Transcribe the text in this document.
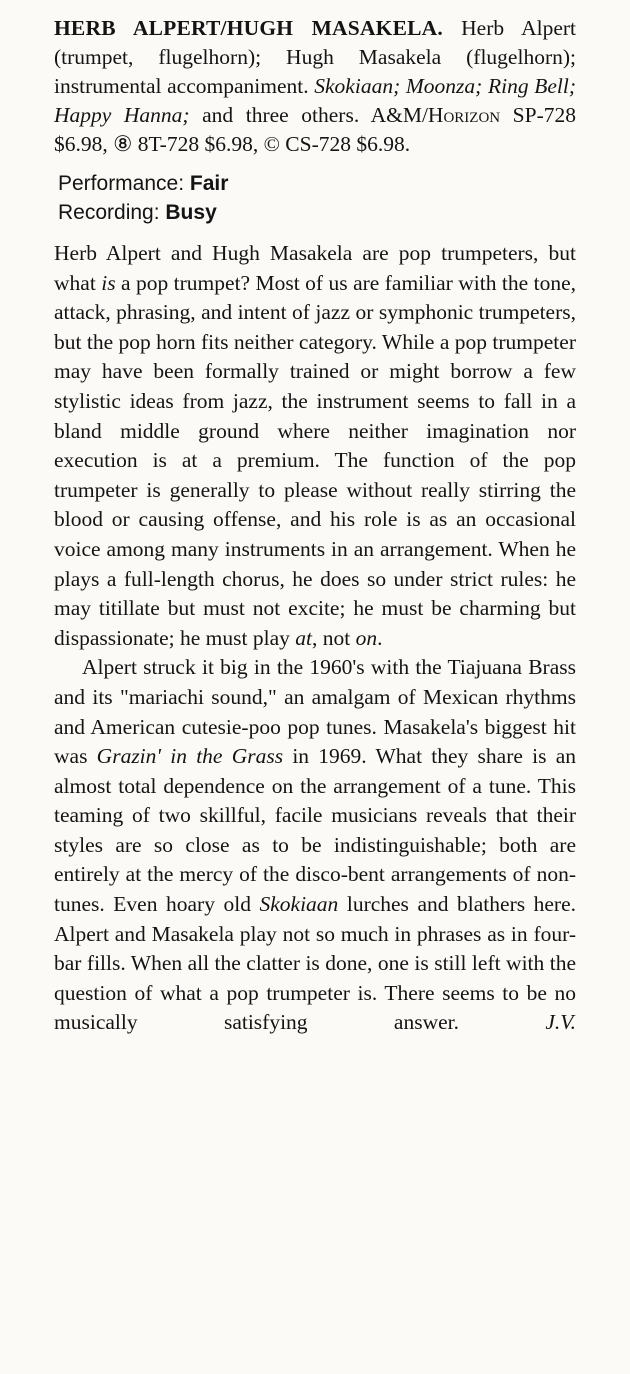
HERB ALPERT/HUGH MASAKELA. Herb Alpert (trumpet, flugelhorn); Hugh Masakela (flugelhorn); instrumental accompaniment. Skokiaan; Moonza; Ring Bell; Happy Hanna; and three others. A&M/Horizon SP-728 $6.98, ⑧ 8T-728 $6.98, © CS-728 $6.98.
Performance: Fair
Recording: Busy

Herb Alpert and Hugh Masakela are pop trumpeters, but what is a pop trumpet? Most of us are familiar with the tone, attack, phrasing, and intent of jazz or symphonic trumpeters, but the pop horn fits neither category. While a pop trumpeter may have been formally trained or might borrow a few stylistic ideas from jazz, the instrument seems to fall in a bland middle ground where neither imagination nor execution is at a premium. The function of the pop trumpeter is generally to please without really stirring the blood or causing offense, and his role is as an occasional voice among many instruments in an arrangement. When he plays a full-length chorus, he does so under strict rules: he may titillate but must not excite; he must be charming but dispassionate; he must play at, not on.

Alpert struck it big in the 1960's with the Tiajuana Brass and its "mariachi sound," an amalgam of Mexican rhythms and American cutesie-poo pop tunes. Masakela's biggest hit was Grazin' in the Grass in 1969. What they share is an almost total dependence on the arrangement of a tune. This teaming of two skillful, facile musicians reveals that their styles are so close as to be indistinguishable; both are entirely at the mercy of the disco-bent arrangements of non-tunes. Even hoary old Skokiaan lurches and blathers here. Alpert and Masakela play not so much in phrases as in four-bar fills. When all the clatter is done, one is still left with the question of what a pop trumpeter is. There seems to be no musically satisfying answer.	J.V.
